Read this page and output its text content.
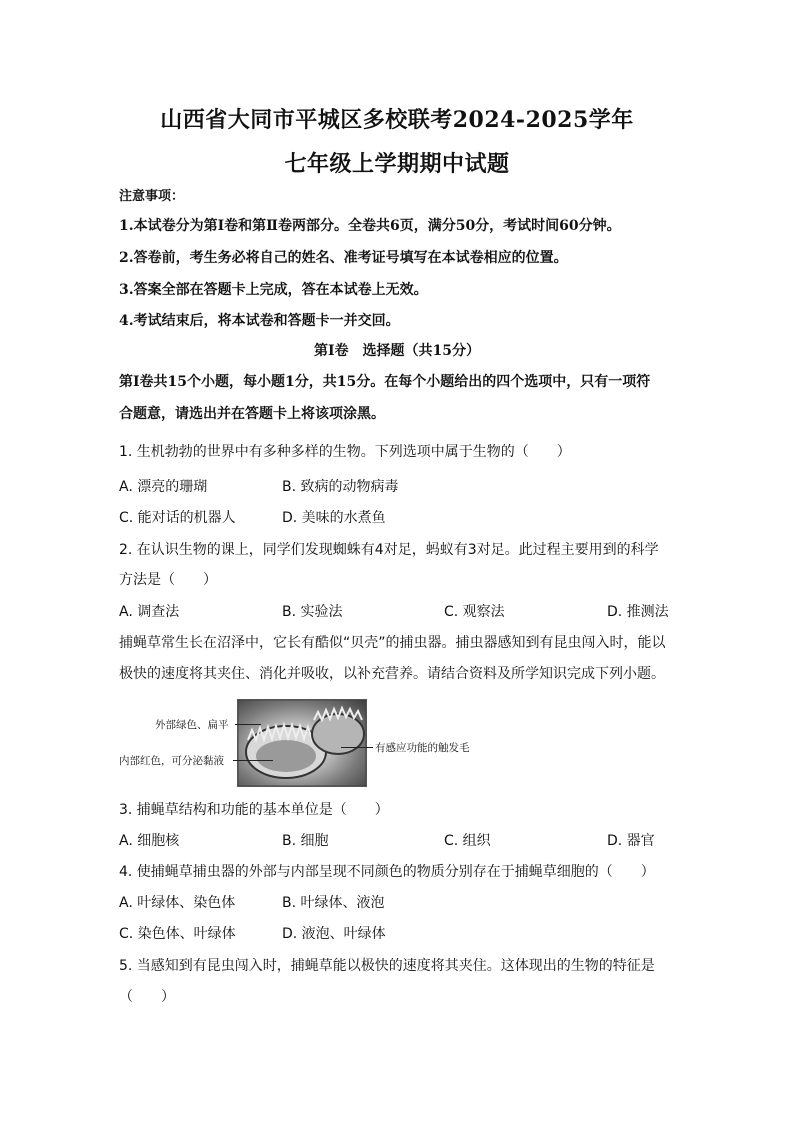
山西省大同市平城区多校联考2024-2025学年
七年级上学期期中试题
注意事项：
1.本试卷分为第Ⅰ卷和第Ⅱ卷两部分。全卷共6页，满分50分，考试时间60分钟。
2.答卷前，考生务必将自己的姓名、准考证号填写在本试卷相应的位置。
3.答案全部在答题卡上完成，答在本试卷上无效。
4.考试结束后，将本试卷和答题卡一并交回。
第Ⅰ卷　选择题（共15分）
第Ⅰ卷共15个小题，每小题1分，共15分。在每个小题给出的四个选项中，只有一项符
合题意，请选出并在答题卡上将该项涂黑。
1. 生机勃勃的世界中有多种多样的生物。下列选项中属于生物的（　　）
A. 漂亮的珊瑚	B. 致病的动物病毒
C. 能对话的机器人	D. 美味的水煮鱼
2. 在认识生物的课上，同学们发现蜘蛛有4对足，蚂蚁有3对足。此过程主要用到的科学
方法是（　　）
A. 调查法	B. 实验法	C. 观察法	D. 推测法
捕蝇草常生长在沼泽中，它长有酷似“贝壳”的捕虫器。捕虫器感知到有昆虫闯入时，能以
极快的速度将其夹住、消化并吸收，以补充营养。请结合资料及所学知识完成下列小题。
外部绿色、扁平
内部红色，可分泌黏液
有感应功能的触发毛
3. 捕蝇草结构和功能的基本单位是（　　）
A. 细胞核	B. 细胞	C. 组织	D. 器官
4. 使捕蝇草捕虫器的外部与内部呈现不同颜色的物质分别存在于捕蝇草细胞的（　　）
A. 叶绿体、染色体	B. 叶绿体、液泡
C. 染色体、叶绿体	D. 液泡、叶绿体
5. 当感知到有昆虫闯入时，捕蝇草能以极快的速度将其夹住。这体现出的生物的特征是
（　　）
